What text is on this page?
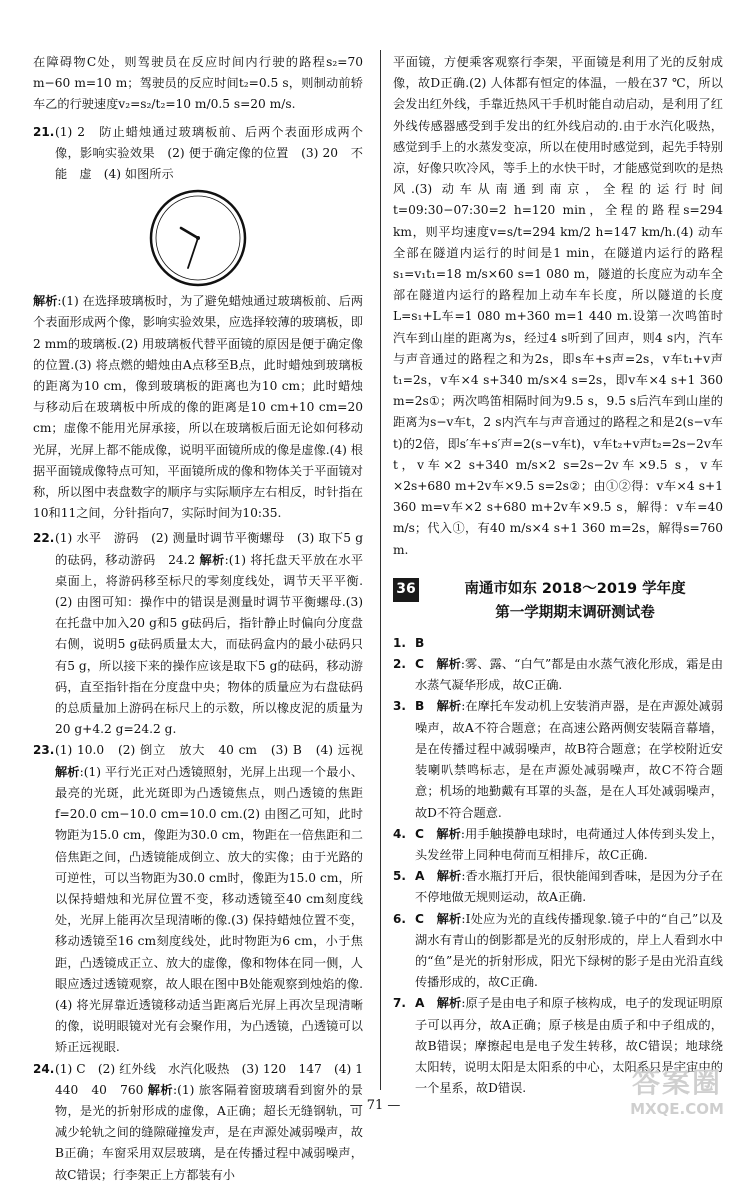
在障碍物C处，则驾驶员在反应时间内行驶的路程s₂=70 m−60 m=10 m；驾驶员的反应时间t₂=0.5 s，则制动前轿车乙的行驶速度v₂=s₂/t₂=10 m/0.5 s=20 m/s.

21. (1) 2　防止蜡烛通过玻璃板前、后两个表面形成两个像，影响实验效果　(2) 便于确定像的位置　(3) 20　不能　虚　(4) 如图所示

解析:(1) 在选择玻璃板时，为了避免蜡烛通过玻璃板前、后两个表面形成两个像，影响实验效果，应选择较薄的玻璃板，即2 mm的玻璃板.(2) 用玻璃板代替平面镜的原因是便于确定像的位置.(3) 将点燃的蜡烛由A点移至B点，此时蜡烛到玻璃板的距离为10 cm，像到玻璃板的距离也为10 cm；此时蜡烛与移动后在玻璃板中所成的像的距离是10 cm+10 cm=20 cm；虚像不能用光屏承接，所以在玻璃板后面无论如何移动光屏，光屏上都不能成像，说明平面镜所成的像是虚像.(4) 根据平面镜成像特点可知，平面镜所成的像和物体关于平面镜对称，所以图中表盘数字的顺序与实际顺序左右相反，时针指在10和11之间，分针指向7，实际时间为10:35.

22. (1) 水平　游码　(2) 测量时调节平衡螺母　(3) 取下5 g的砝码，移动游码　24.2 解析:(1) 将托盘天平放在水平桌面上，将游码移至标尺的零刻度线处，调节天平平衡.(2) 由图可知：操作中的错误是测量时调节平衡螺母.(3) 在托盘中加入20 g和5 g砝码后，指针静止时偏向分度盘右侧，说明5 g砝码质量太大，而砝码盒内的最小砝码只有5 g，所以接下来的操作应该是取下5 g的砝码，移动游码，直至指针指在分度盘中央；物体的质量应为右盘砝码的总质量加上游码在标尺上的示数，所以橡皮泥的质量为20 g+4.2 g=24.2 g.
23. (1) 10.0　(2) 倒立　放大　40 cm　(3) B　(4) 远视 解析:(1) 平行光正对凸透镜照射，光屏上出现一个最小、最亮的光斑，此光斑即为凸透镜焦点，则凸透镜的焦距f=20.0 cm−10.0 cm=10.0 cm.(2) 由图乙可知，此时物距为15.0 cm，像距为30.0 cm，物距在一倍焦距和二倍焦距之间，凸透镜能成倒立、放大的实像；由于光路的可逆性，可以当物距为30.0 cm时，像距为15.0 cm，所以保持蜡烛和光屏位置不变，移动透镜至40 cm刻度线处，光屏上能再次呈现清晰的像.(3) 保持蜡烛位置不变，移动透镜至16 cm刻度线处，此时物距为6 cm，小于焦距，凸透镜成正立、放大的虚像，像和物体在同一侧，人眼应透过透镜观察，故人眼在图中B处能观察到烛焰的像.(4) 将光屏靠近透镜移动适当距离后光屏上再次呈现清晰的像，说明眼镜对光有会聚作用，为凸透镜，凸透镜可以矫正远视眼.
24. (1) C　(2) 红外线　水汽化吸热　(3) 120　147　(4) 1 440　40　760 解析:(1) 旅客隔着窗玻璃看到窗外的景物，是光的折射形成的虚像，A正确；超长无缝钢轨，可减少轮轨之间的缝隙碰撞发声，是在声源处减弱噪声，故B正确；车窗采用双层玻璃，是在传播过程中减弱噪声，故C错误；行李架正上方都装有小

平面镜，方便乘客观察行李架，平面镜是利用了光的反射成像，故D正确.(2) 人体都有恒定的体温，一般在37 ℃，所以会发出红外线，手靠近热风干手机时能自动启动，是利用了红外线传感器感受到手发出的红外线启动的.由于水汽化吸热，感觉到手上的水蒸发变凉，所以在使用时感觉到，起先手特别凉，好像只吹冷风，等手上的水快干时，才能感觉到吹的是热风.(3) 动车从南通到南京，全程的运行时间t=09:30−07:30=2 h=120 min，全程的路程s=294 km，则平均速度v=s/t=294 km/2 h=147 km/h.(4) 动车全部在隧道内运行的时间是1 min，在隧道内运行的路程s₁=v₁t₁=18 m/s×60 s=1 080 m，隧道的长度应为动车全部在隧道内运行的路程加上动车车长度，所以隧道的长度L=s₁+L车=1 080 m+360 m=1 440 m.设第一次鸣笛时汽车到山崖的距离为s，经过4 s听到了回声，则4 s内，汽车与声音通过的路程之和为2s，即s车+s声=2s，v车t₁+v声t₁=2s，v车×4 s+340 m/s×4 s=2s，即v车×4 s+1 360 m=2s①；两次鸣笛相隔时间为9.5 s，9.5 s后汽车到山崖的距离为s−v车t，2 s内汽车与声音通过的路程之和是2(s−v车t)的2倍，即s′车+s′声=2(s−v车t)，v车t₂+v声t₂=2s−2v车t，v车×2 s+340 m/s×2 s=2s−2v车×9.5 s，v车×2s+680 m+2v车×9.5 s=2s②；由①②得：v车×4 s+1 360 m=v车×2 s+680 m+2v车×9.5 s，解得：v车=40 m/s；代入①，有40 m/s×4 s+1 360 m=2s，解得s=760 m.

36	南通市如东 2018～2019 学年度
第一学期期末调研测试卷
1. B
2. C　 解析:雾、露、“白气”都是由水蒸气液化形成，霜是由水蒸气凝华形成，故C正确.
3. B　 解析:在摩托车发动机上安装消声器，是在声源处减弱噪声，故A不符合题意；在高速公路两侧安装隔音幕墙，是在传播过程中减弱噪声，故B符合题意；在学校附近安装喇叭禁鸣标志，是在声源处减弱噪声，故C不符合题意；机场的地勤戴有耳罩的头盔，是在人耳处减弱噪声，故D不符合题意.
4. C　 解析:用手触摸静电球时，电荷通过人体传到头发上，头发丝带上同种电荷而互相排斥，故C正确.
5. A　 解析:香水瓶打开后，很快能闻到香味，是因为分子在不停地做无规则运动，故A正确.
6. C　 解析:Ⅰ处应为光的直线传播现象.镜子中的“自己”以及湖水有青山的倒影都是光的反射形成的，岸上人看到水中的“鱼”是光的折射形成，阳光下绿树的影子是由光沿直线传播形成的，故C正确.
7. A　 解析:原子是由电子和原子核构成，电子的发现证明原子可以再分，故A正确；原子核是由质子和中子组成的，故B错误；摩擦起电是电子发生转移，故C错误；地球绕太阳转，说明太阳是太阳系的中心，太阳系只是宇宙中的一个星系，故D错误.
— 71 —
答案圈
MXQE.COM
